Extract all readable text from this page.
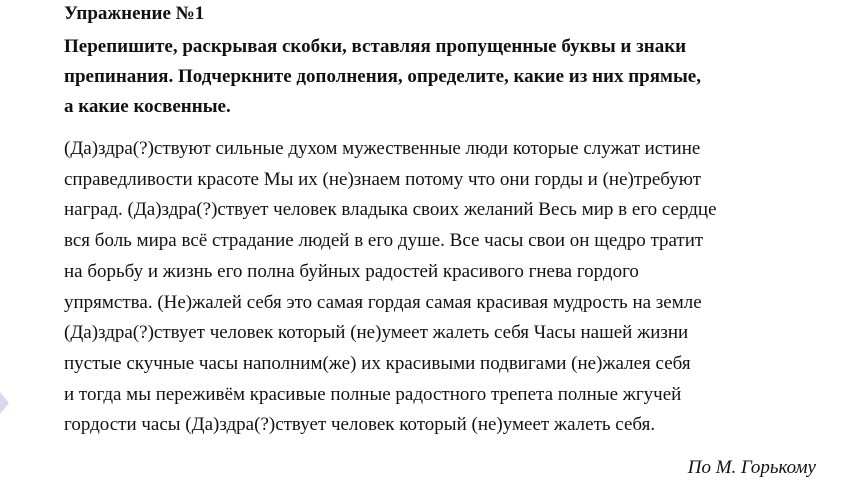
Упражнение №1
Перепишите, раскрывая скобки, вставляя пропущенные буквы и знаки
препинания. Подчеркните дополнения, определите, какие из них прямые,
а какие косвенные.
(Да)здра(?)ствуют сильные духом мужественные люди которые служат истине
справедливости красоте Мы их (не)знаем потому что они горды и (не)требуют
наград. (Да)здра(?)ствует человек владыка своих желаний Весь мир в его сердце
вся боль мира всё страдание людей в его душе. Все часы свои он щедро тратит
на борьбу и жизнь его полна буйных радостей красивого гнева гордого
упрямства. (Не)жалей себя это самая гордая самая красивая мудрость на земле
(Да)здра(?)ствует человек который (не)умеет жалеть себя Часы нашей жизни
пустые скучные часы наполним(же) их красивыми подвигами (не)жалея себя
и тогда мы переживём красивые полные радостного трепета полные жгучей
гордости часы (Да)здра(?)ствует человек который (не)умеет жалеть себя.
По М. Горькому
